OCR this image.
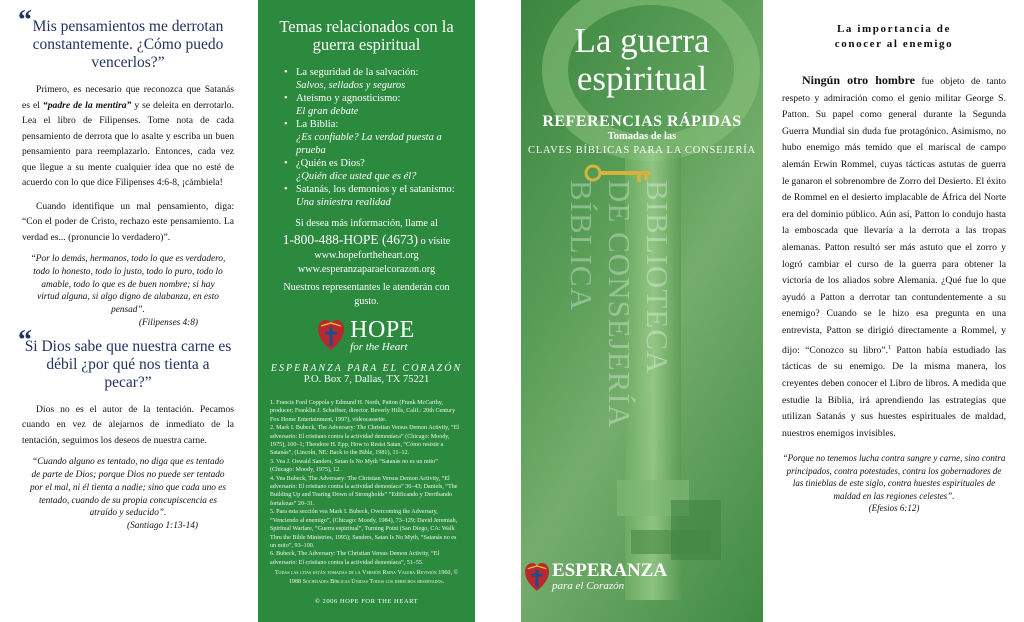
“ Mis pensamientos me derrotan constantemente. ¿Cómo puedo vencerlos?”

Primero, es necesario que reconozca que Satanás es el “padre de la mentira” y se deleita en derrotarlo. Lea el libro de Filipenses. Tome nota de cada pensamiento de derrota que lo asalte y escriba un buen pensamiento para reemplazarlo. Entonces, cada vez que llegue a su mente cualquier idea que no esté de acuerdo con lo que dice Filipenses 4:6-8, ¡cámbiela!

Cuando identifique un mal pensamiento, diga: “Con el poder de Cristo, rechazo este pensamiento. La verdad es... (pronuncie lo verdadero)”.

“Por lo demás, hermanos, todo lo que es verdadero, todo lo honesto, todo lo justo, todo lo puro, todo lo amable, todo lo que es de buen nombre; si hay virtud alguna, si algo digno de alabanza, en esto pensad”.
(Filipenses 4:8)
“
Si Dios sabe que nuestra carne es débil ¿por qué nos tienta a pecar?”

Dios no es el autor de la tentación. Pecamos cuando en vez de alejarnos de inmediato de la tentación, seguimos los deseos de nuestra carne.

“Cuando alguno es tentado, no diga que es tentado de parte de Dios; porque Dios no puede ser tentado por el mal, ni él tienta a nadie; sino que cada uno es tentado, cuando de su propia concupiscencia es atraído y seducido”.
(Santiago 1:13-14)
Temas relacionados con la guerra espiritual
• La seguridad de la salvación:
Salvos, sellados y seguros
• Ateísmo y agnosticismo:
El gran debate
• La Biblia:
¿Es confiable? La verdad puesta a prueba
• ¿Quién es Dios?
¿Quién dice usted que es él?
• Satanás, los demonios y el satanismo:
Una siniestra realidad
Si desea más información, llame al
1-800-488-HOPE (4673) o visite
www.hopefortheheart.org
www.esperanzaparaelcorazon.org
Nuestros representantes le atenderán con gusto.
HOPE
for the Heart
ESPERANZA PARA EL CORAZÓN
P.O. Box 7, Dallas, TX 75221
1. Francis Ford Coppola y Edmund H. North, Patton (Frank McCarthy, producer; Franklin J. Schaffner, director. Beverly Hills, Calif.: 20th Century Fox Home Entertainment, 1997), videocassette.
2. Mark I. Bubeck, The Adversary: The Christian Versus Demon Activity, “El adversario: El cristiano contra la actividad demoníaca” (Chicago: Moody, 1975), 100–1; Theodore H. Epp, How to Resist Satan, “Cómo resistir a Satanás”, (Lincoln, NE: Back to the Bible, 1981), 11–12.
3. Vea J. Oswald Sanders, Satan Is No Myth “Satanás no es un mito” (Chicago: Moody, 1975), 12.
4. Vea Bubeck, The Adversary: The Christian Versus Demon Activity, “El adversario: El cristiano contra la actividad demoníaca” 36–43; Daniels, “The Building Up and Tearing Down of Strongholds” “Edificando y Derribando fortalezas” 20–31.
5. Para esta sección vea Mark I. Bubeck, Overcoming the Adversary, “Venciendo al enemigo”, (Chicago: Moody, 1984), 73–129; David Jeremiah, Spiritual Warfare, “Guerra espiritual”, Turning Point (San Diego, CA: Walk Thru the Bible Ministries, 1995); Sanders, Satan Is No Myth, “Satanás no es un mito”, 93–100.
6. Bubeck, The Adversary: The Christian Versus Demon Activity, “El adversario: El cristiano contra la actividad demoníaca”, 51–55.
Todas las citas están tomadas de la Versión Reina Valera Revisión 1960, © 1988 Sociedades Bíblicas Unidas Todos los derechos reservados.
© 2006 HOPE FOR THE HEART
La guerra
espiritual
REFERENCIAS RÁPIDAS
Tomadas de las
CLAVES BÍBLICAS PARA LA CONSEJERÍA
BIBLIOTECA
DE CONSEJERÍA
BÍBLICA
ESPERANZA
para el Corazón
La importancia de
conocer al enemigo

Ningún otro hombre fue objeto de tanto respeto y admiración como el genio militar George S. Patton. Su papel como general durante la Segunda Guerra Mundial sin duda fue protagónico. Asimismo, no hubo enemigo más temido que el mariscal de campo alemán Erwin Rommel, cuyas tácticas astutas de guerra le ganaron el sobrenombre de Zorro del Desierto. El éxito de Rommel en el desierto implacable de África del Norte era del dominio público. Aún así, Patton lo condujo hasta la emboscada que llevaría a la derrota a las tropas alemanas. Patton resultó ser más astuto que el zorro y logró cambiar el curso de la guerra para obtener la victoria de los aliados sobre Alemania. ¿Qué fue lo que ayudó a Patton a derrotar tan contundentemente a su enemigo? Cuando se le hizo esa pregunta en una entrevista, Patton se dirigió directamente a Rommel, y dijo: “Conozco su libro”.$^1$ Patton había estudiado las tácticas de su enemigo. De la misma manera, los creyentes deben conocer el Libro de libros. A medida que estudie la Biblia, irá aprendiendo las estrategias que utilizan Satanás y sus huestes espirituales de maldad, nuestros enemigos invisibles.

“Porque no tenemos lucha contra sangre y carne, sino contra principados, contra potestades, contra los gobernadores de las tinieblas de este siglo, contra huestes espirituales de maldad en las regiones celestes”.
(Efesios 6:12)
